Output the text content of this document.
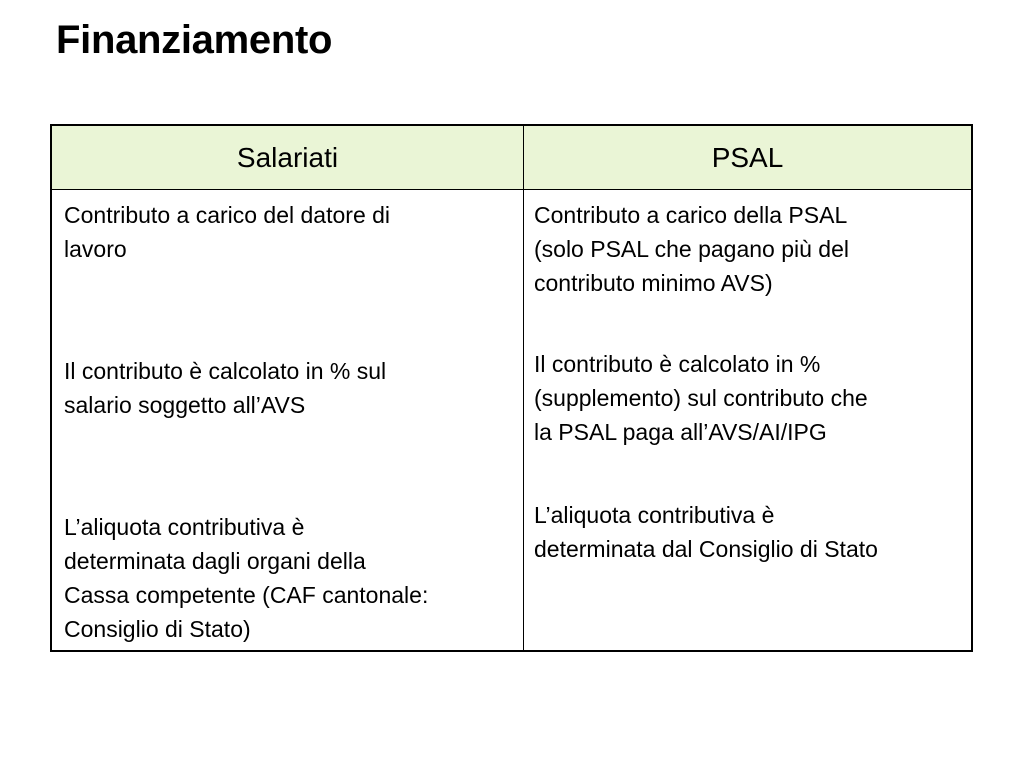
Finanziamento
Salariati	PSAL

Contributo a carico del datore di
lavoro

Il contributo è calcolato in % sul
salario soggetto all’AVS

L’aliquota contributiva è
determinata dagli organi della
Cassa competente (CAF cantonale:
Consiglio di Stato)

Contributo a carico della PSAL
(solo PSAL che pagano più del
contributo minimo AVS)

Il contributo è calcolato in %
(supplemento) sul contributo che
la PSAL paga all’AVS/AI/IPG

L’aliquota contributiva è
determinata dal Consiglio di Stato
